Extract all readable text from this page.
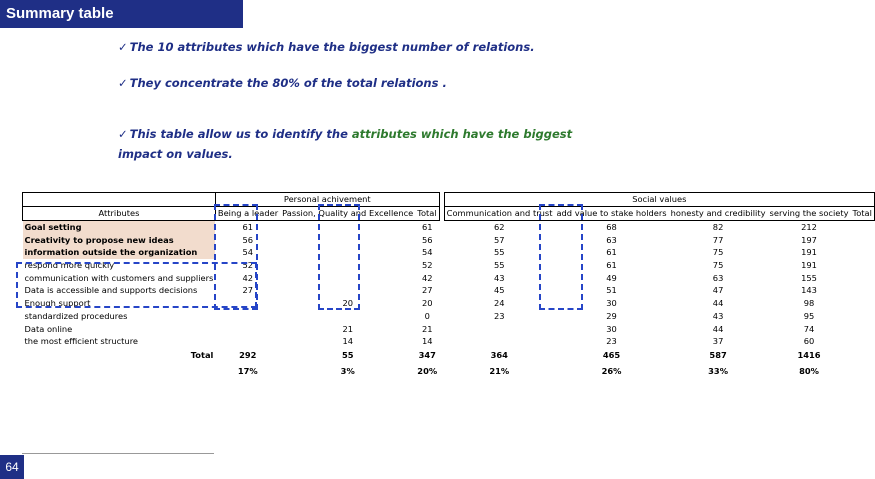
Summary table
✓ The 10 attributes which have the biggest number of relations.
✓ They concentrate the 80% of the total relations .
✓ This table allow us to identify the attributes which have the biggest
impact on values.
	Personal achivement				Social values				
Attributes	Being a leader	Passion, Quality and Excellence	Total		Communication and trust	add value to stake holders	honesty and credibility	serving the society	Total
Goal setting	61		61		62	68	82	212	
Creativity to propose new ideas	56		56		57	63	77	197	
information outside the organization	54		54		55	61	75	191	
respond more quickly	52		52		55	61	75	191	
communication with customers and suppliers	42		42		43	49	63	155	
Data is accessible and supports decisions	27		27		45	51	47	143	
Enough support		20	20		24	30	44	98	
standardized procedures			0		23	29	43	95	
Data online		21	21			30	44	74	
the most efficient structure		14	14			23	37	60	
Total	292	55	347		364	465	587	1416	
	17%	3%	20%		21%	26%	33%	80%	
64
